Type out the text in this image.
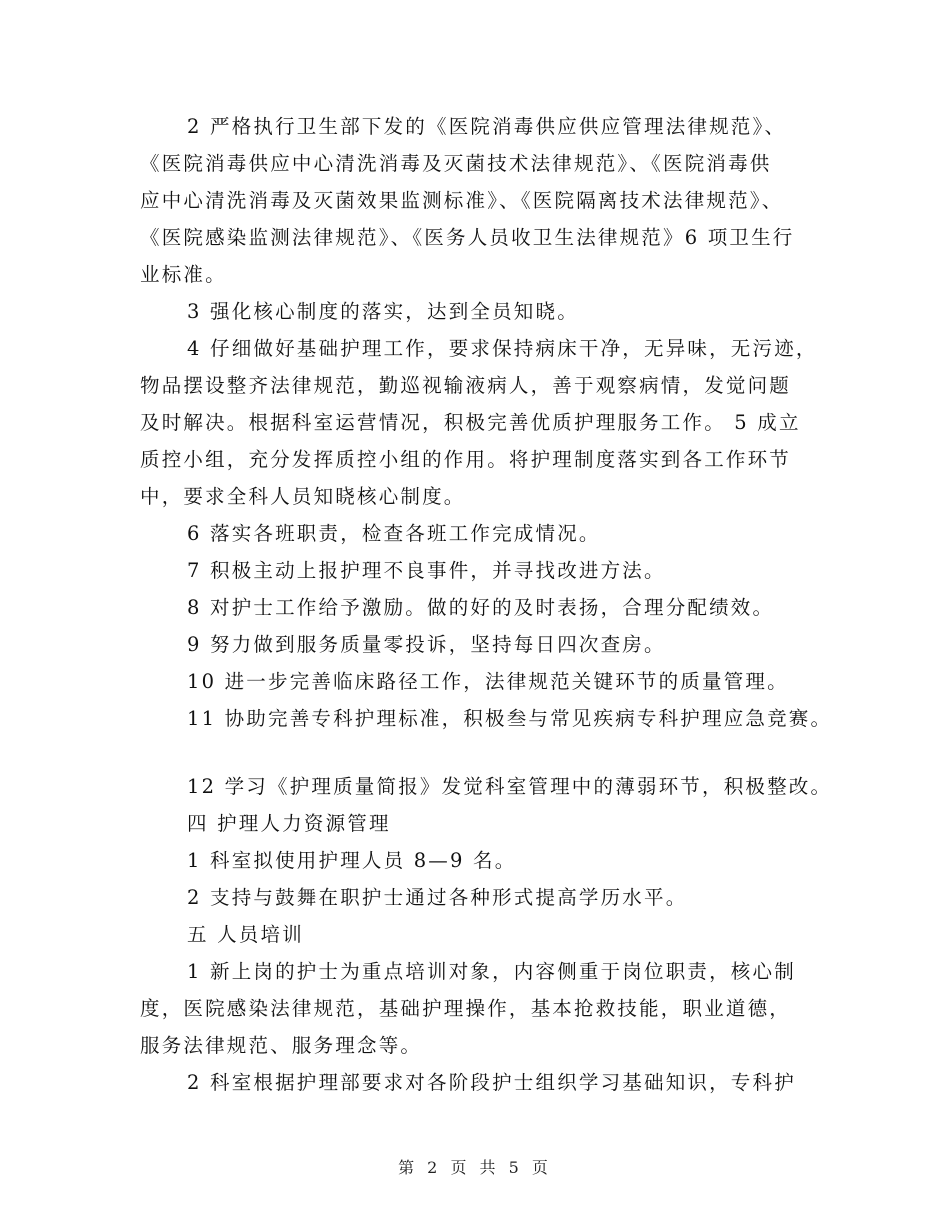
2 严格执行卫生部下发的《医院消毒供应供应管理法律规范》、
《医院消毒供应中心清洗消毒及灭菌技术法律规范》、《医院消毒供
应中心清洗消毒及灭菌效果监测标准》、《医院隔离技术法律规范》、
《医院感染监测法律规范》、《医务人员收卫生法律规范》6 项卫生行
业标准。
3 强化核心制度的落实，达到全员知晓。
4 仔细做好基础护理工作，要求保持病床干净，无异味，无污迹，
物品摆设整齐法律规范，勤巡视输液病人，善于观察病情，发觉问题
及时解决。根据科室运营情况，积极完善优质护理服务工作。 5 成立
质控小组，充分发挥质控小组的作用。将护理制度落实到各工作环节
中，要求全科人员知晓核心制度。
6 落实各班职责，检查各班工作完成情况。
7 积极主动上报护理不良事件，并寻找改进方法。
8 对护士工作给予激励。做的好的及时表扬，合理分配绩效。
9 努力做到服务质量零投诉，坚持每日四次查房。
10 进一步完善临床路径工作，法律规范关键环节的质量管理。
11 协助完善专科护理标准，积极叁与常见疾病专科护理应急竞赛。
12 学习《护理质量简报》发觉科室管理中的薄弱环节，积极整改。
四 护理人力资源管理
1 科室拟使用护理人员 8—9 名。
2 支持与鼓舞在职护士通过各种形式提高学历水平。
五 人员培训
1 新上岗的护士为重点培训对象，内容侧重于岗位职责，核心制
度，医院感染法律规范，基础护理操作，基本抢救技能，职业道德，
服务法律规范、服务理念等。
2 科室根据护理部要求对各阶段护士组织学习基础知识，专科护
第 2 页 共 5 页
